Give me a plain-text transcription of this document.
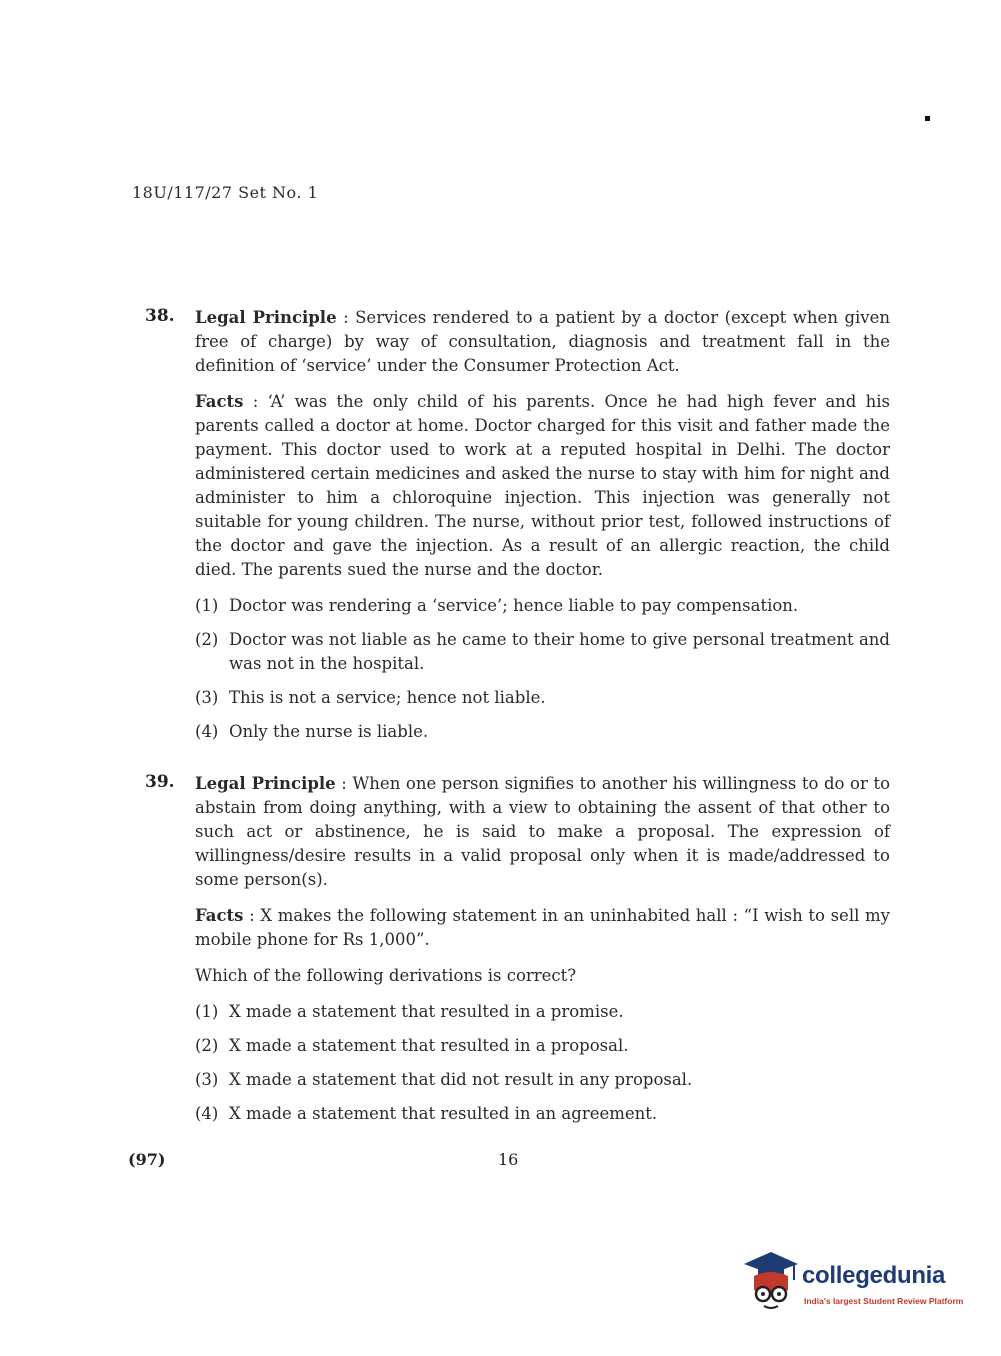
18U/117/27 Set No. 1
38. Legal Principle : Services rendered to a patient by a doctor (except when given free of charge) by way of consultation, diagnosis and treatment fall in the definition of ‘service’ under the Consumer Protection Act.

Facts : ‘A’ was the only child of his parents. Once he had high fever and his parents called a doctor at home. Doctor charged for this visit and father made the payment. This doctor used to work at a reputed hospital in Delhi. The doctor administered certain medicines and asked the nurse to stay with him for night and administer to him a chloroquine injection. This injection was generally not suitable for young children. The nurse, without prior test, followed instructions of the doctor and gave the injection. As a result of an allergic reaction, the child died. The parents sued the nurse and the doctor.

(1) Doctor was rendering a ‘service’; hence liable to pay compensation.
(2) Doctor was not liable as he came to their home to give personal treatment and was not in the hospital.
(3) This is not a service; hence not liable.
(4) Only the nurse is liable.
39. Legal Principle : When one person signifies to another his willingness to do or to abstain from doing anything, with a view to obtaining the assent of that other to such act or abstinence, he is said to make a proposal. The expression of willingness/desire results in a valid proposal only when it is made/addressed to some person(s).

Facts : X makes the following statement in an uninhabited hall : “I wish to sell my mobile phone for Rs 1,000”.

Which of the following derivations is correct?

(1) X made a statement that resulted in a promise.
(2) X made a statement that resulted in a proposal.
(3) X made a statement that did not result in any proposal.
(4) X made a statement that resulted in an agreement.
(97)	16
collegedunia
India's largest Student Review Platform
